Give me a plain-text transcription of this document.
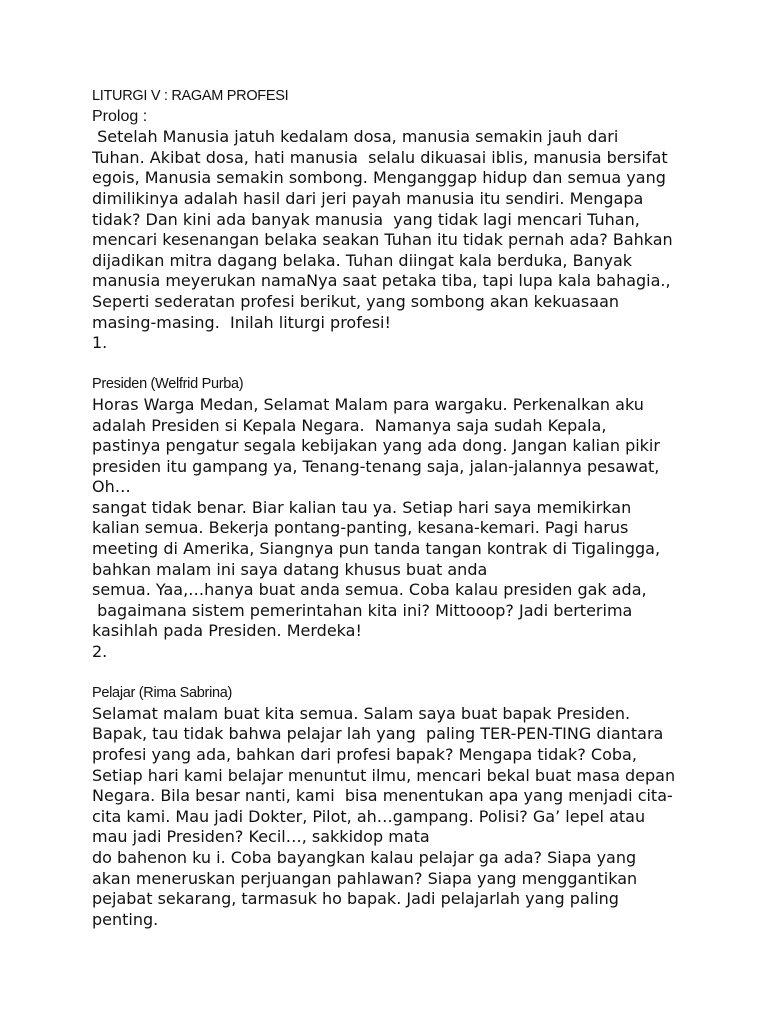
LITURGI V : RAGAM PROFESI
Prolog :
Setelah Manusia jatuh kedalam dosa, manusia semakin jauh dari
Tuhan. Akibat dosa, hati manusia  selalu dikuasai iblis, manusia bersifat
egois, Manusia semakin sombong. Menganggap hidup dan semua yang
dimilikinya adalah hasil dari jeri payah manusia itu sendiri. Mengapa
tidak? Dan kini ada banyak manusia  yang tidak lagi mencari Tuhan,
mencari kesenangan belaka seakan Tuhan itu tidak pernah ada? Bahkan
dijadikan mitra dagang belaka. Tuhan diingat kala berduka, Banyak
manusia meyerukan namaNya saat petaka tiba, tapi lupa kala bahagia.,
Seperti sederatan profesi berikut, yang sombong akan kekuasaan
masing-masing.  Inilah liturgi profesi!
1.
Presiden (Welfrid Purba)
Horas Warga Medan, Selamat Malam para wargaku. Perkenalkan aku
adalah Presiden si Kepala Negara.  Namanya saja sudah Kepala,
pastinya pengatur segala kebijakan yang ada dong. Jangan kalian pikir
presiden itu gampang ya, Tenang-tenang saja, jalan-jalannya pesawat,
Oh…
sangat tidak benar. Biar kalian tau ya. Setiap hari saya memikirkan
kalian semua. Bekerja pontang-panting, kesana-kemari. Pagi harus
meeting di Amerika, Siangnya pun tanda tangan kontrak di Tigalingga,
bahkan malam ini saya datang khusus buat anda
semua. Yaa,…hanya buat anda semua. Coba kalau presiden gak ada,
bagaimana sistem pemerintahan kita ini? Mittooop? Jadi berterima
kasihlah pada Presiden. Merdeka!
2.
Pelajar (Rima Sabrina)
Selamat malam buat kita semua. Salam saya buat bapak Presiden.
Bapak, tau tidak bahwa pelajar lah yang  paling TER-PEN-TING diantara
profesi yang ada, bahkan dari profesi bapak? Mengapa tidak? Coba,
Setiap hari kami belajar menuntut ilmu, mencari bekal buat masa depan
Negara. Bila besar nanti, kami  bisa menentukan apa yang menjadi cita-
cita kami. Mau jadi Dokter, Pilot, ah…gampang. Polisi? Ga’ lepel atau
mau jadi Presiden? Kecil…, sakkidop mata
do bahenon ku i. Coba bayangkan kalau pelajar ga ada? Siapa yang
akan meneruskan perjuangan pahlawan? Siapa yang menggantikan
pejabat sekarang, tarmasuk ho bapak. Jadi pelajarlah yang paling
penting.
